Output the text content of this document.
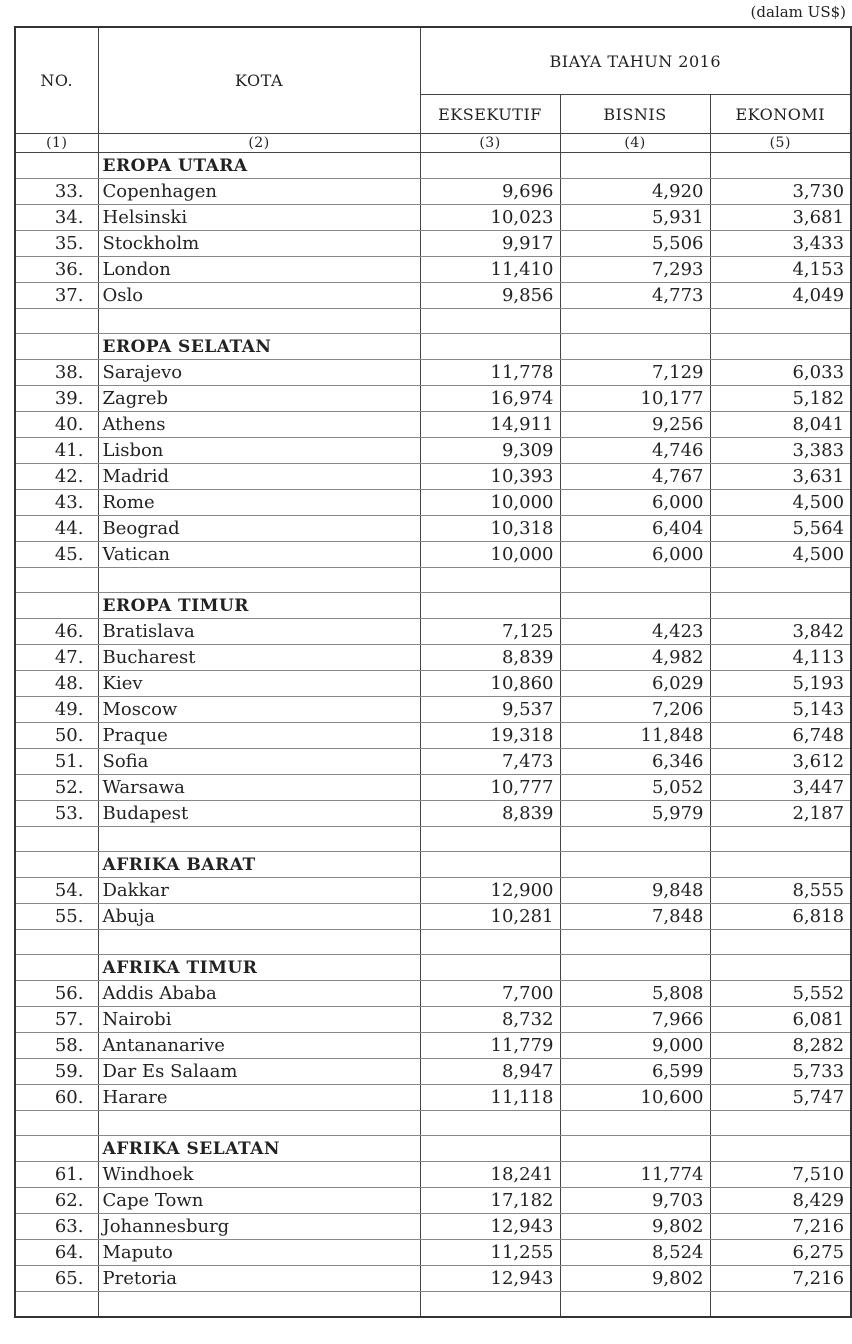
(dalam US$)
NO.	KOTA	BIAYA TAHUN 2016		
		EKSEKUTIF	BISNIS	EKONOMI
(1)	(2)	(3)	(4)	(5)
	EROPA UTARA			
33.	Copenhagen	9,696	4,920	3,730
34.	Helsinski	10,023	5,931	3,681
35.	Stockholm	9,917	5,506	3,433
36.	London	11,410	7,293	4,153
37.	Oslo	9,856	4,773	4,049

	EROPA SELATAN			
38.	Sarajevo	11,778	7,129	6,033
39.	Zagreb	16,974	10,177	5,182
40.	Athens	14,911	9,256	8,041
41.	Lisbon	9,309	4,746	3,383
42.	Madrid	10,393	4,767	3,631
43.	Rome	10,000	6,000	4,500
44.	Beograd	10,318	6,404	5,564
45.	Vatican	10,000	6,000	4,500

	EROPA TIMUR			
46.	Bratislava	7,125	4,423	3,842
47.	Bucharest	8,839	4,982	4,113
48.	Kiev	10,860	6,029	5,193
49.	Moscow	9,537	7,206	5,143
50.	Praque	19,318	11,848	6,748
51.	Sofia	7,473	6,346	3,612
52.	Warsawa	10,777	5,052	3,447
53.	Budapest	8,839	5,979	2,187

	AFRIKA BARAT			
54.	Dakkar	12,900	9,848	8,555
55.	Abuja	10,281	7,848	6,818

	AFRIKA TIMUR			
56.	Addis Ababa	7,700	5,808	5,552
57.	Nairobi	8,732	7,966	6,081
58.	Antananarive	11,779	9,000	8,282
59.	Dar Es Salaam	8,947	6,599	5,733
60.	Harare	11,118	10,600	5,747

	AFRIKA SELATAN			
61.	Windhoek	18,241	11,774	7,510
62.	Cape Town	17,182	9,703	8,429
63.	Johannesburg	12,943	9,802	7,216
64.	Maputo	11,255	8,524	6,275
65.	Pretoria	12,943	9,802	7,216
